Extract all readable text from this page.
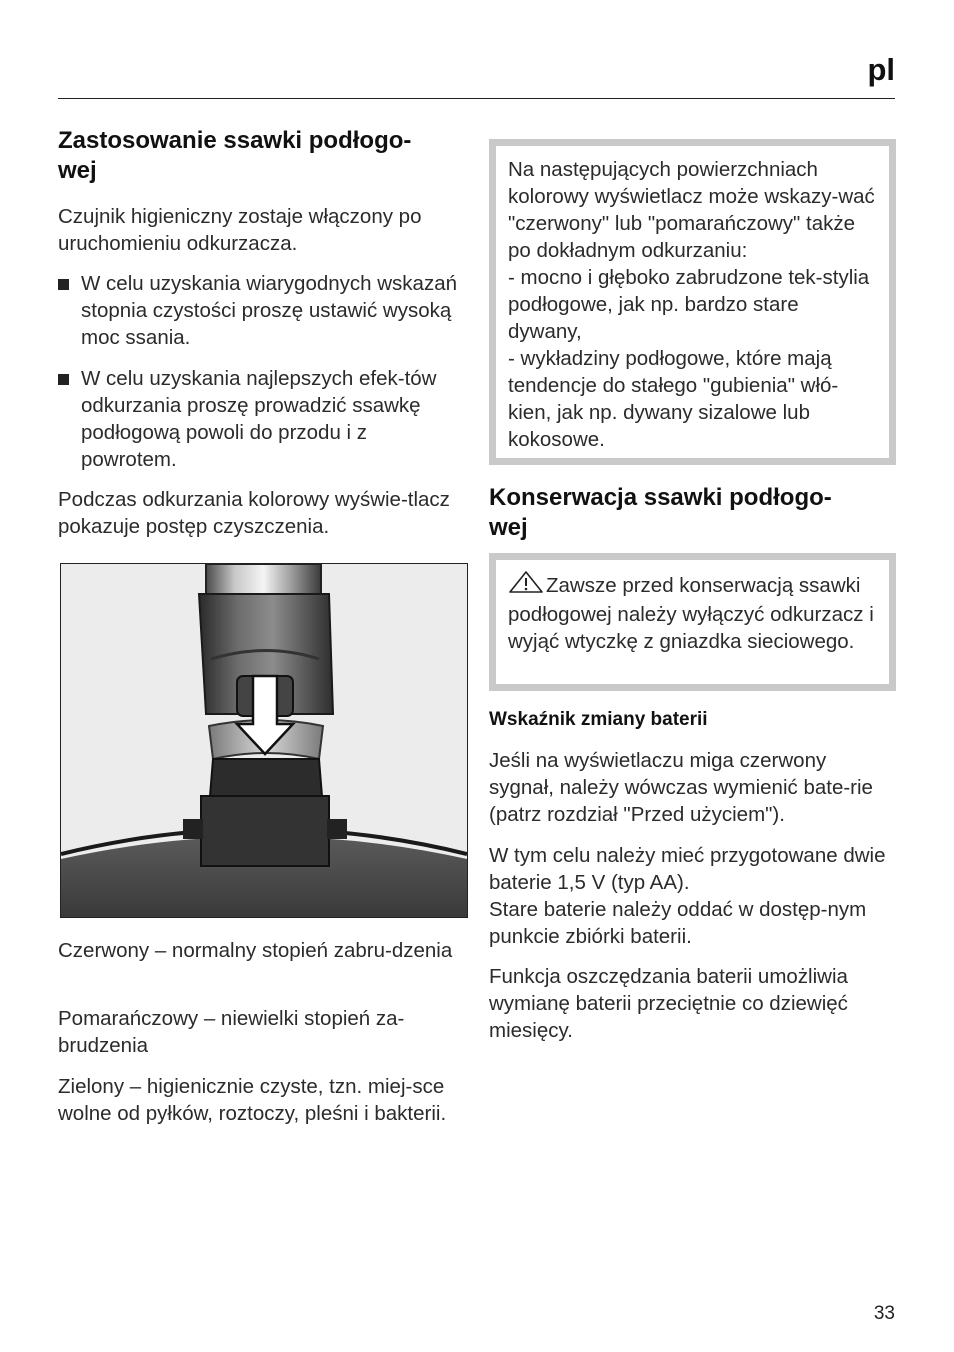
pl
Zastosowanie ssawki podłogo-
wej

Czujnik higieniczny zostaje włączony po uruchomieniu odkurzacza.

W celu uzyskania wiarygodnych wskazań stopnia czystości proszę ustawić wysoką moc ssania.
W celu uzyskania najlepszych efek-tów odkurzania proszę prowadzić ssawkę podłogową powoli do przodu i z powrotem.

Podczas odkurzania kolorowy wyświe-tlacz pokazuje postęp czyszczenia.

Czerwony – normalny stopień zabru-dzenia

Pomarańczowy – niewielki stopień za-brudzenia

Zielony – higienicznie czyste, tzn. miej-sce wolne od pyłków, roztoczy, pleśni i bakterii.

Na następujących powierzchniach kolorowy wyświetlacz może wskazy-wać "czerwony" lub "pomarańczowy" także po dokładnym odkurzaniu:
- mocno i głęboko zabrudzone tek-stylia podłogowe, jak np. bardzo stare dywany,
- wykładziny podłogowe, które mają tendencje do stałego "gubienia" włó-kien, jak np. dywany sizalowe lub kokosowe.

Konserwacja ssawki podłogo-
wej

Zawsze przed konserwacją ssawki podłogowej należy wyłączyć odkurzacz i wyjąć wtyczkę z gniazdka sieciowego.

Wskaźnik zmiany baterii

Jeśli na wyświetlaczu miga czerwony sygnał, należy wówczas wymienić bate-rie (patrz rozdział "Przed użyciem").

W tym celu należy mieć przygotowane dwie baterie 1,5 V (typ AA).
Stare baterie należy oddać w dostęp-nym punkcie zbiórki baterii.

Funkcja oszczędzania baterii umożliwia wymianę baterii przeciętnie co dziewięć miesięcy.

33
